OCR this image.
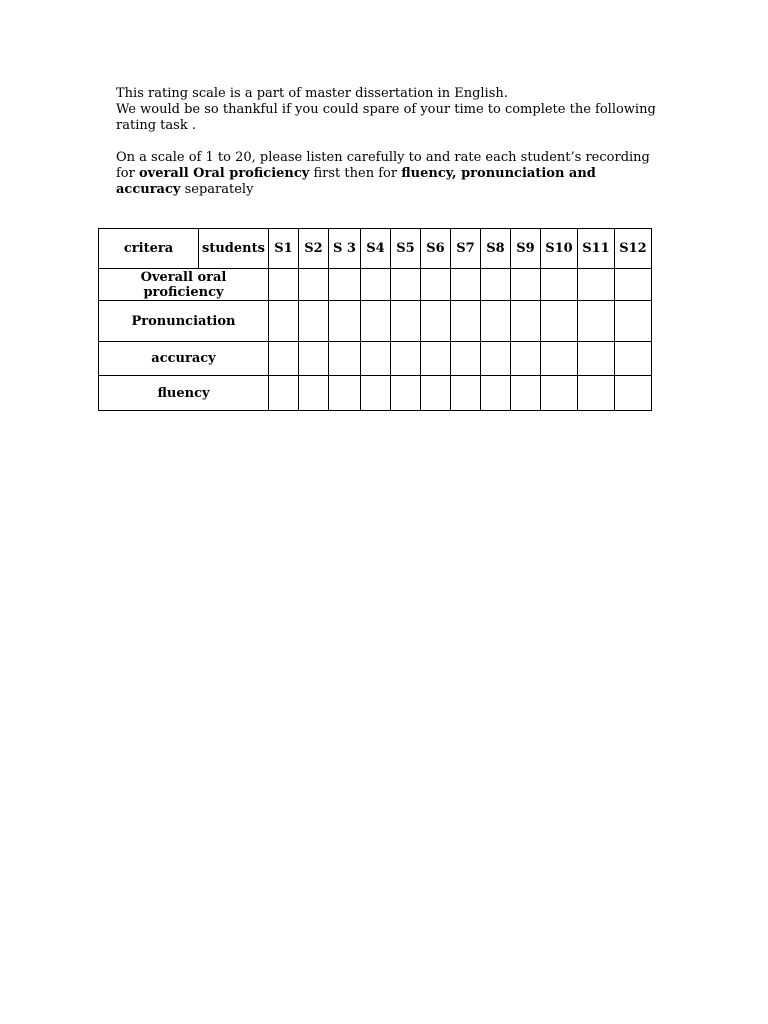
This rating scale is a part of master dissertation in English.

We would be so thankful if you could spare of your time to complete the following rating task .

On a scale of 1 to 20, please listen carefully to and rate each student’s recording for overall Oral proficiency first then for fluency, pronunciation and accuracy separately

critera	students	S1	S2	S 3	S4	S5	S6	S7	S8	S9	S10	S11	S12
Overall oral proficiency													
Pronunciation													
accuracy													
fluency													
